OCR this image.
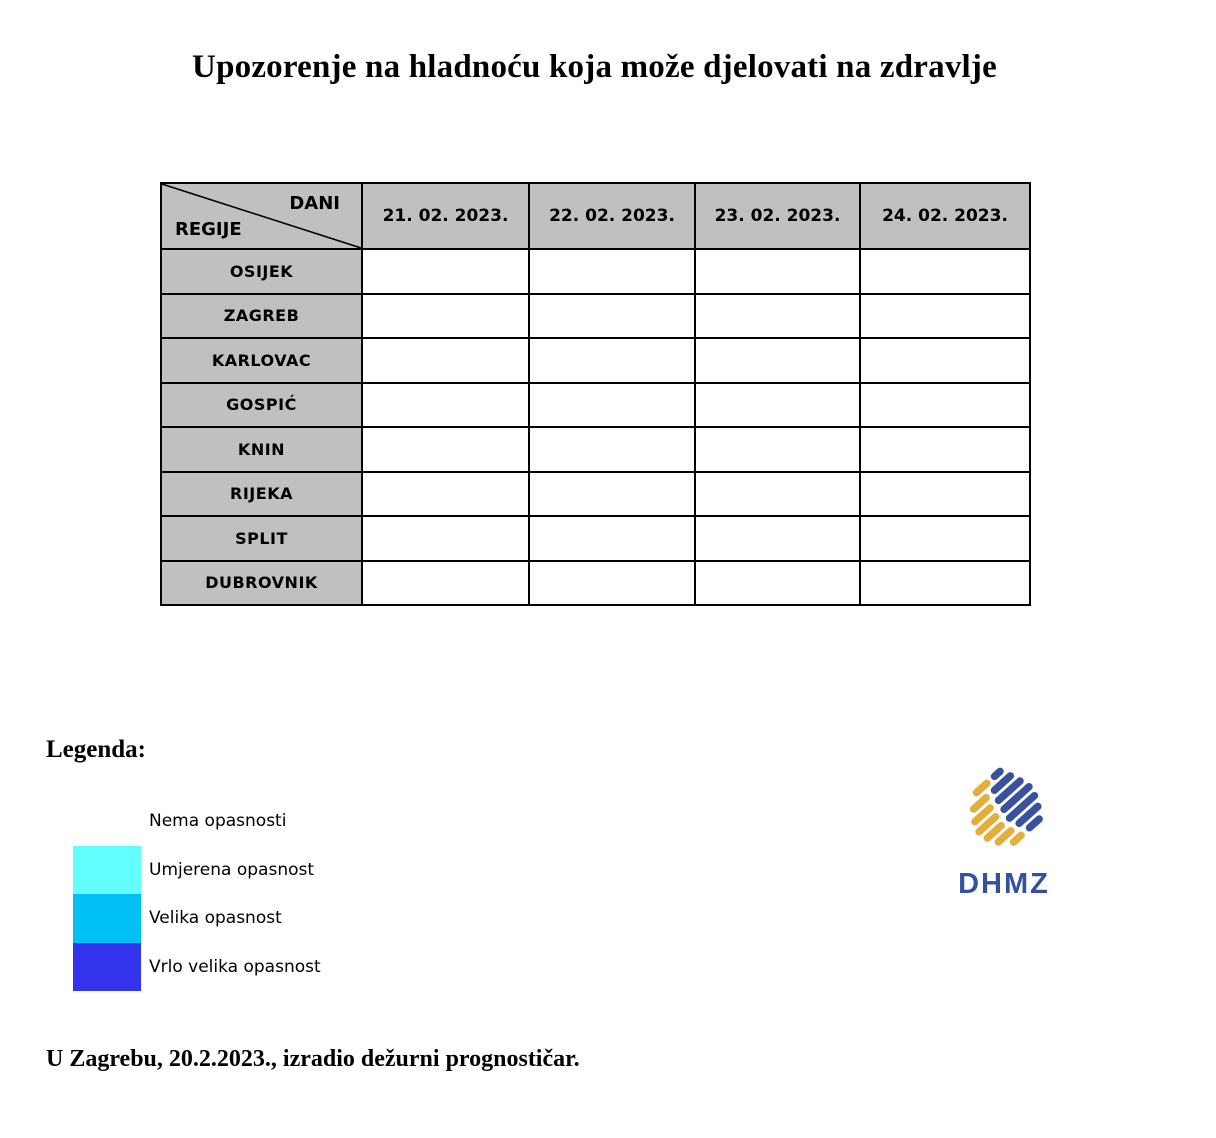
Upozorenje na hladnoću koja može djelovati na zdravlje
DANI
REGIJE	21. 02. 2023.	22. 02. 2023.	23. 02. 2023.	24. 02. 2023.
OSIJEK				
ZAGREB				
KARLOVAC				
GOSPIĆ				
KNIN				
RIJEKA				
SPLIT				
DUBROVNIK				
Legenda:
Nema opasnosti
Umjerena opasnost
Velika opasnost
Vrlo velika opasnost
DHMZ
U Zagrebu, 20.2.2023., izradio dežurni prognostičar.
